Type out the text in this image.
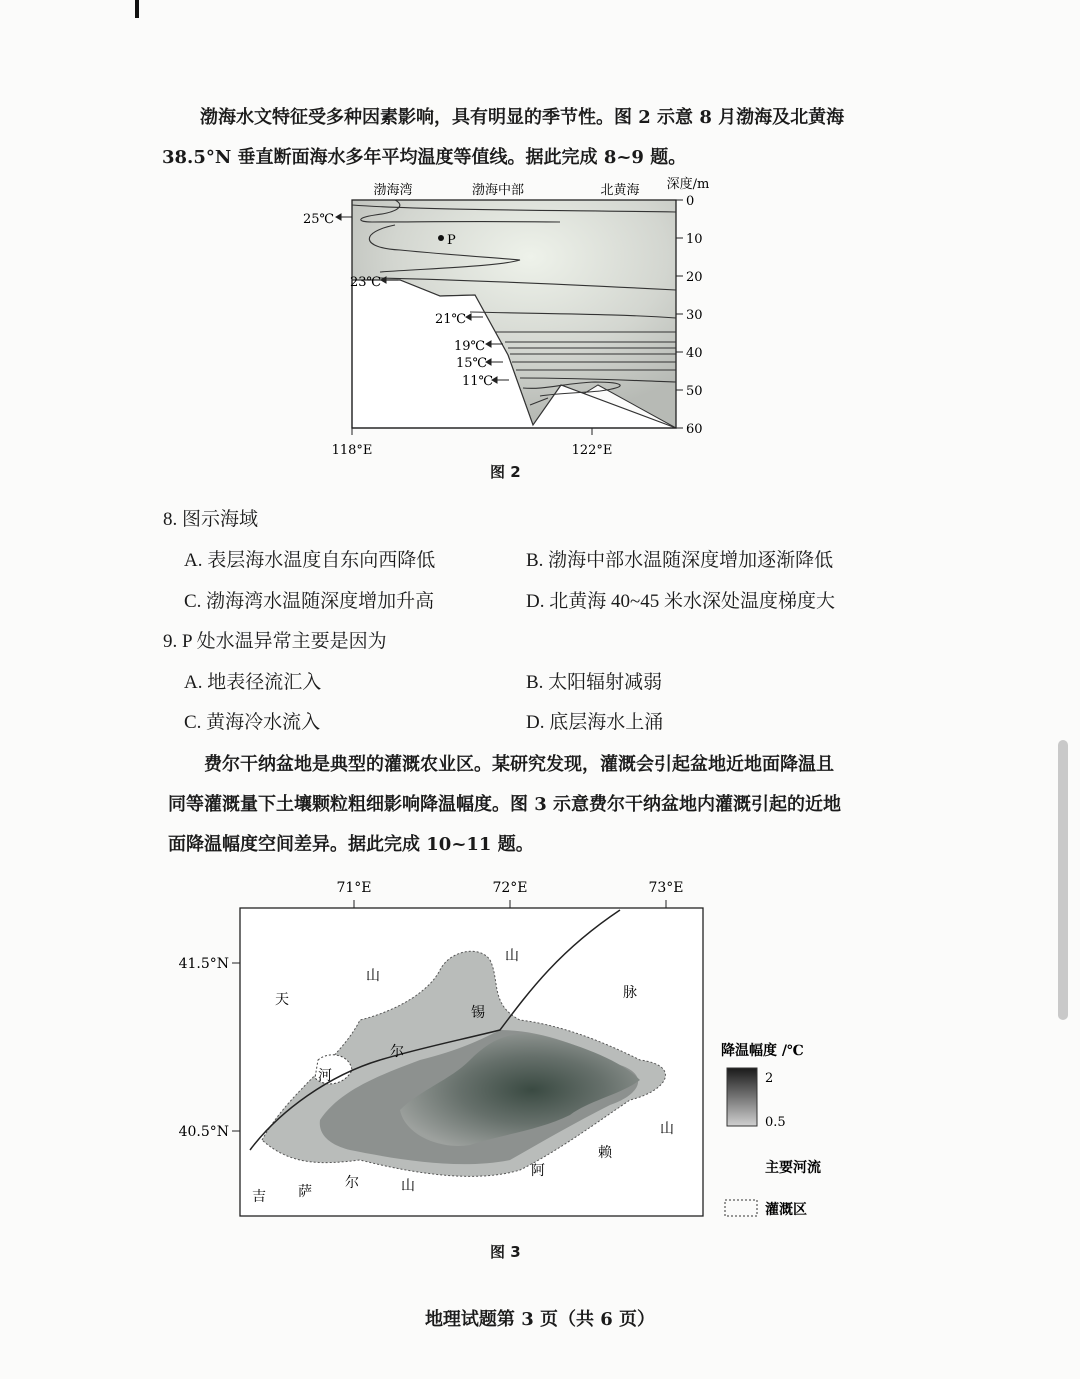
渤海水文特征受多种因素影响，具有明显的季节性。图 2 示意 8 月渤海及北黄海
38.5°N 垂直断面海水多年平均温度等值线。据此完成 8~9 题。
P
渤海湾	渤海中部	北黄海 深度/m
0
10
20
30
40
50
60
25℃
23℃
21℃
19℃
15℃
11℃
118°E	122°E
图 2
8. 图示海域
A. 表层海水温度自东向西降低	B. 渤海中部水温随深度增加逐渐降低
C. 渤海湾水温随深度增加升高	D. 北黄海 40~45 米水深处温度梯度大
9. P 处水温异常主要是因为
A. 地表径流汇入	B. 太阳辐射减弱
C. 黄海冷水流入	D. 底层海水上涌
费尔干纳盆地是典型的灌溉农业区。某研究发现，灌溉会引起盆地近地面降温且
同等灌溉量下土壤颗粒粗细影响降温幅度。图 3 示意费尔干纳盆地内灌溉引起的近地
面降温幅度空间差异。据此完成 10~11 题。
71°E	72°E	73°E
41.5°N
40.5°N
天
山
山
脉
锡
尔
河
阿
赖
山
吉 萨
尔	山
降温幅度 /℃
2
0.5
主要河流
灌溉区
图 3
地理试题第 3 页（共 6 页）
